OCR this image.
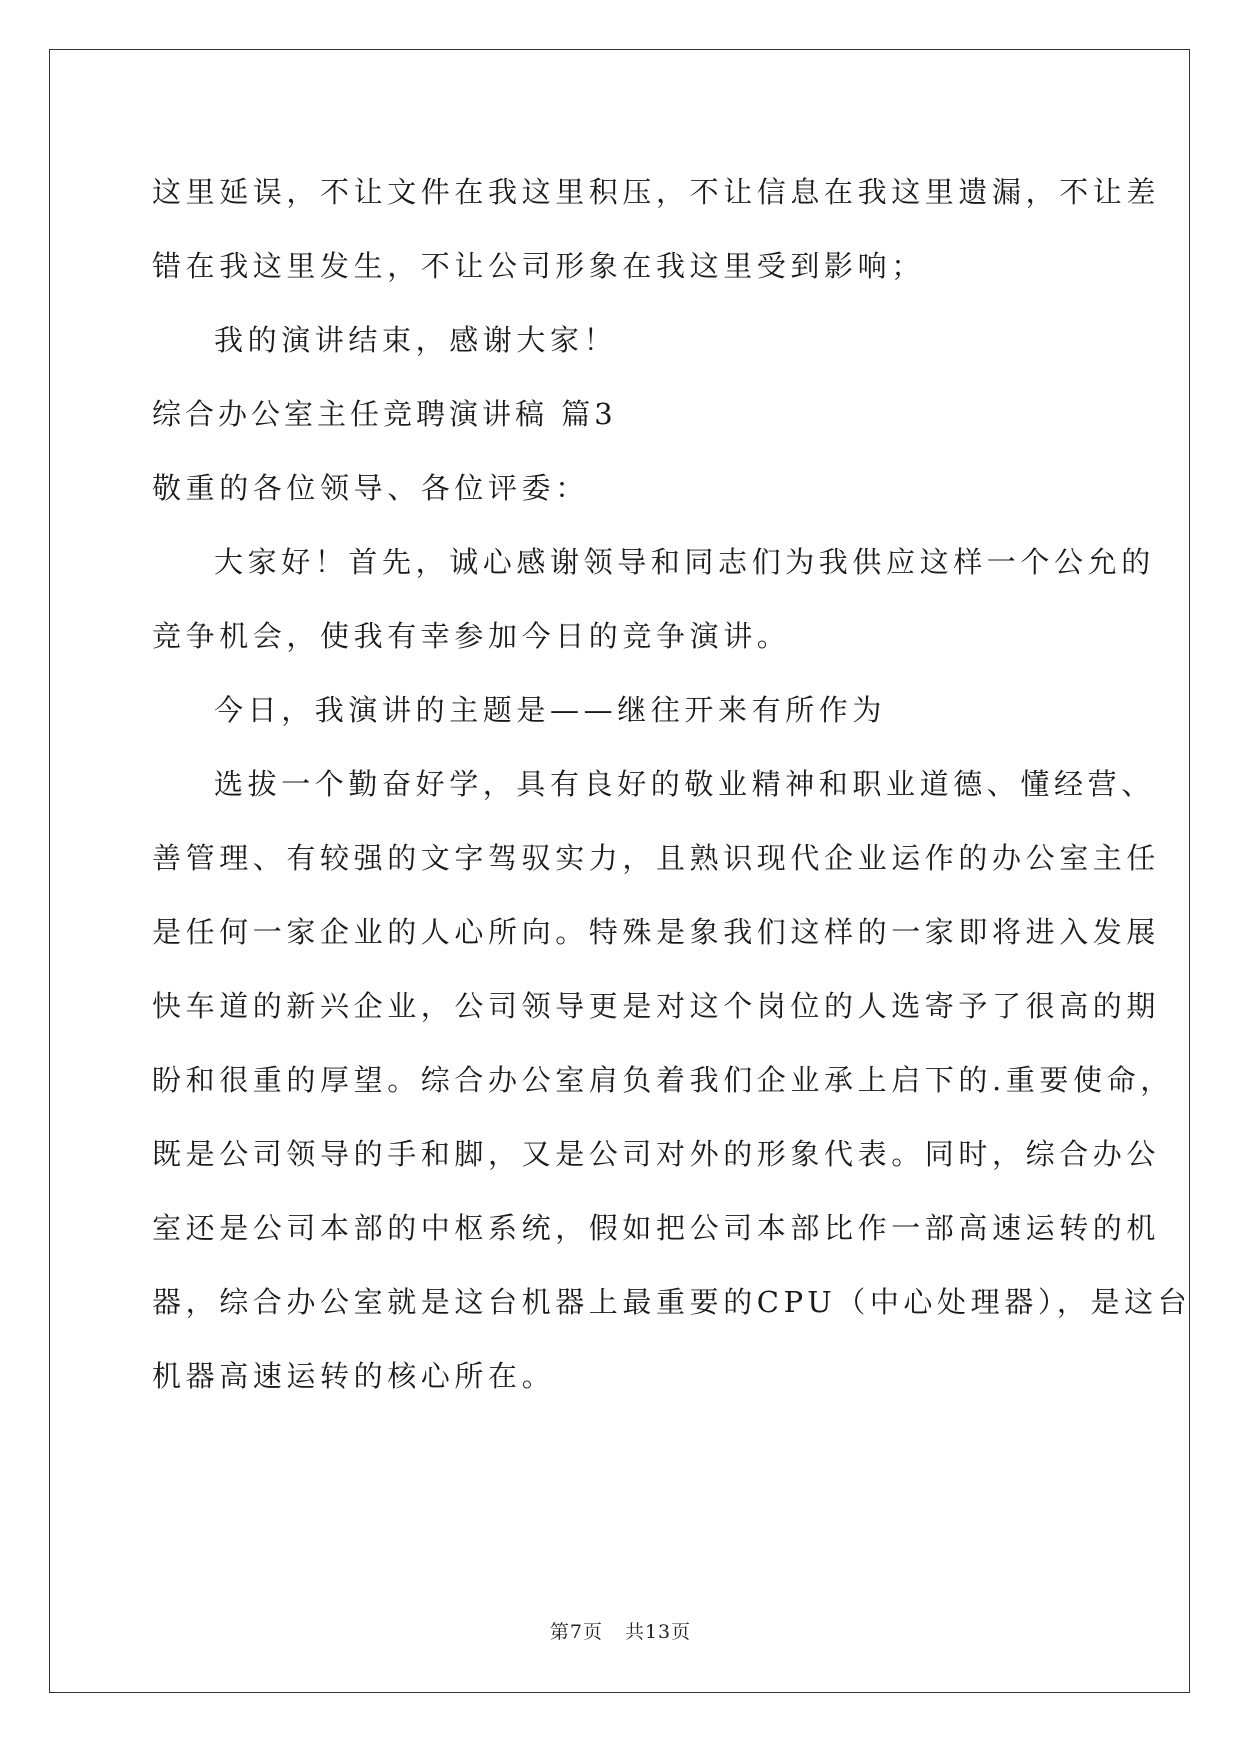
这里延误，不让文件在我这里积压，不让信息在我这里遗漏，不让差
错在我这里发生，不让公司形象在我这里受到影响；
我的演讲结束，感谢大家！
综合办公室主任竞聘演讲稿 篇3
敬重的各位领导、各位评委：
大家好！首先，诚心感谢领导和同志们为我供应这样一个公允的
竞争机会，使我有幸参加今日的竞争演讲。
今日，我演讲的主题是——继往开来有所作为
选拔一个勤奋好学，具有良好的敬业精神和职业道德、懂经营、
善管理、有较强的文字驾驭实力，且熟识现代企业运作的办公室主任
是任何一家企业的人心所向。特殊是象我们这样的一家即将进入发展
快车道的新兴企业，公司领导更是对这个岗位的人选寄予了很高的期
盼和很重的厚望。综合办公室肩负着我们企业承上启下的.重要使命，
既是公司领导的手和脚，又是公司对外的形象代表。同时，综合办公
室还是公司本部的中枢系统，假如把公司本部比作一部高速运转的机
器，综合办公室就是这台机器上最重要的CPU（中心处理器），是这台
机器高速运转的核心所在。
第7页 共13页
